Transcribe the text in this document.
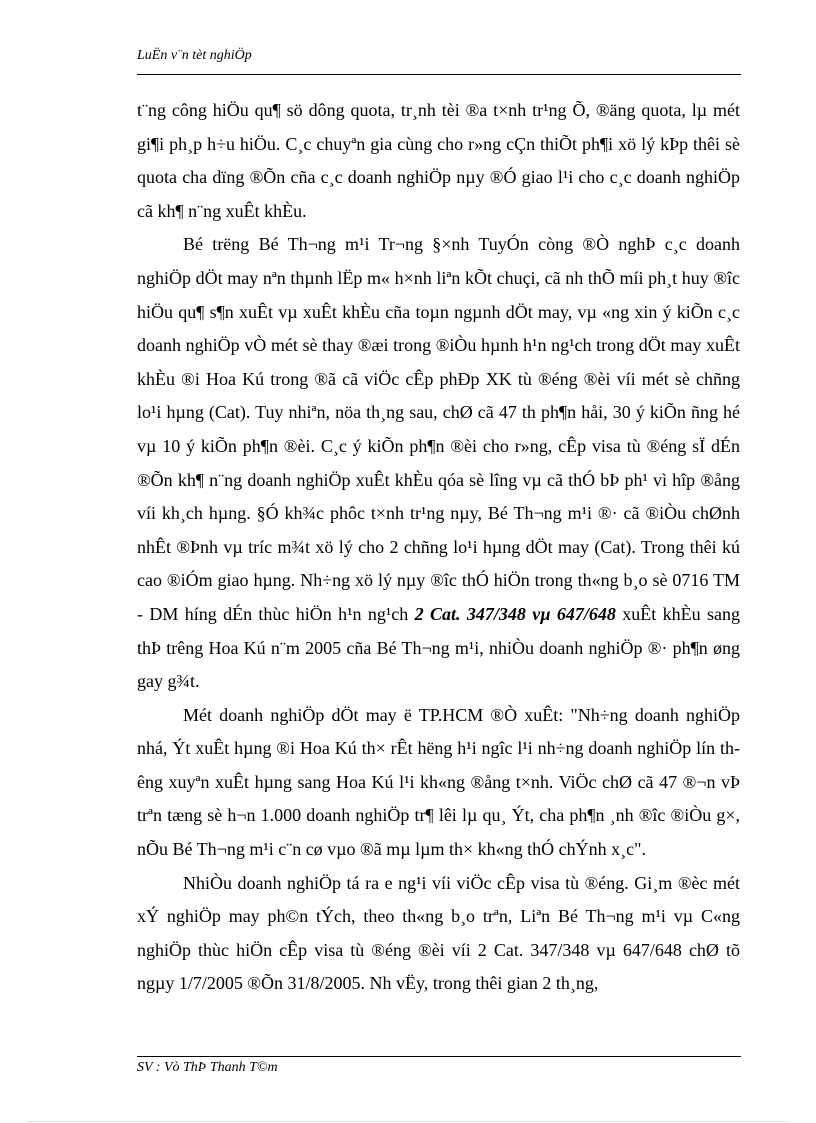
LuËn v¨n tèt nghiÖp

t¨ng công hiÖu qu¶ sö dông quota, tr¸nh tèi ®a t×nh tr¹ng Õ, ®äng quota, lµ mét gi¶i ph¸p h÷u hiÖu. C¸c chuyªn gia cùng cho r»ng cÇn thiÕt ph¶i xö lý kÞp thêi sè quota cha dïng ®Õn cña c¸c doanh nghiÖp nµy ®Ó giao l¹i cho c¸c doanh nghiÖp cã kh¶ n¨ng xuÊt khÈu.

Bé trëng Bé Th¬ng m¹i Tr¬ng §×nh TuyÓn còng ®Ò nghÞ c¸c doanh nghiÖp dÖt may nªn thµnh lËp m« h×nh liªn kÕt chuçi, cã nh thÕ míi ph¸t huy ®îc hiÖu qu¶ s¶n xuÊt vµ xuÊt khÈu cña toµn ngµnh dÖt may, vµ «ng xin ý kiÕn c¸c doanh nghiÖp vÒ mét sè thay ®æi trong ®iÒu hµnh h¹n ng¹ch trong dÖt may xuÊt khÈu ®i Hoa Kú trong ®ã cã viÖc cÊp phÐp XK tù ®éng ®èi víi mét sè chñng lo¹i hµng (Cat). Tuy nhiªn, nöa th¸ng sau, chØ cã 47 th ph¶n håi, 30 ý kiÕn ñng hé vµ 10 ý kiÕn ph¶n ®èi. C¸c ý kiÕn ph¶n ®èi cho r»ng, cÊp visa tù ®éng sÏ dÉn ®Õn kh¶ n¨ng doanh nghiÖp xuÊt khÈu qóa sè lîng vµ cã thÓ bÞ ph¹ vì hîp ®ång víi kh¸ch hµng. §Ó kh¾c phôc t×nh tr¹ng nµy, Bé Th¬ng m¹i ®· cã ®iÒu chØnh nhÊt ®Þnh vµ tríc m¾t xö lý cho 2 chñng lo¹i hµng dÖt may (Cat). Trong thêi kú cao ®iÓm giao hµng. Nh÷ng xö lý nµy ®îc thÓ hiÖn trong th«ng b¸o sè 0716 TM - DM híng dÉn thùc hiÖn h¹n ng¹ch 2 Cat. 347/348 vµ 647/648 xuÊt khÈu sang thÞ trêng Hoa Kú n¨m 2005 cña Bé Th¬ng m¹i, nhiÒu doanh nghiÖp ®· ph¶n øng gay g¾t.

Mét doanh nghiÖp dÖt may ë TP.HCM ®Ò xuÊt: "Nh÷ng doanh nghiÖp nhá, Ýt xuÊt hµng ®i Hoa Kú th× rÊt hëng h¹i ngîc l¹i nh÷ng doanh nghiÖp lín thêng xuyªn xuÊt hµng sang Hoa Kú l¹i kh«ng ®ång t×nh. ViÖc chØ cã 47 ®¬n vÞ trªn tæng sè h¬n 1.000 doanh nghiÖp tr¶ lêi lµ qu¸ Ýt, cha ph¶n ¸nh ®îc ®iÒu g×, nÕu Bé Th¬ng m¹i c¨n cø vµo ®ã mµ lµm th× kh«ng thÓ chÝnh x¸c".

NhiÒu doanh nghiÖp tá ra e ng¹i víi viÖc cÊp visa tù ®éng. Gi¸m ®èc mét xÝ nghiÖp may ph©n tÝch, theo th«ng b¸o trªn, Liªn Bé Th¬ng m¹i vµ C«ng nghiÖp thùc hiÖn cÊp visa tù ®éng ®èi víi 2 Cat. 347/348 vµ 647/648 chØ tõ ngµy 1/7/2005 ®Õn 31/8/2005. Nh vËy, trong thêi gian 2 th¸ng,

SV : Vò ThÞ Thanh T©m
